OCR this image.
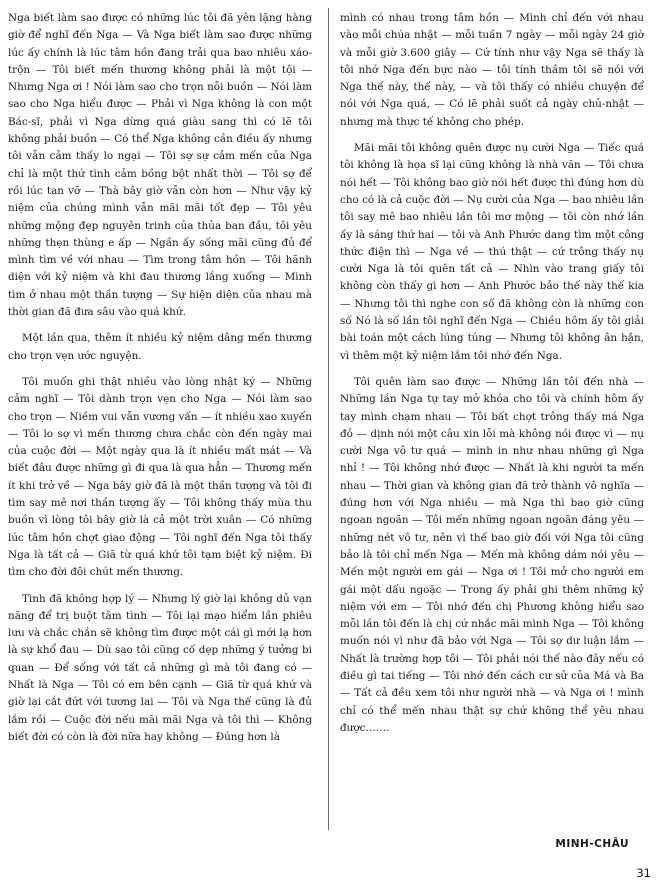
Nga biết làm sao được có những lúc tôi đã yên lặng hàng giờ để nghĩ đến Nga — Và Nga biết làm sao được những lúc ấy chính là lúc tâm hồn đang trải qua bao nhiêu xáo-trộn — Tôi biết mến thương không phải là một tội — Nhưng Nga ơi ! Nói làm sao cho trọn nỗi buồn — Nói làm sao cho Nga hiểu được — Phải vì Nga không là con một Bác-sĩ, phải vì Nga dừng quá giàu sang thì có lẽ tôi không phải buồn — Có thể Nga không cần điều ấy nhưng tôi vẫn cảm thấy lo ngại — Tôi sợ sự cảm mến của Nga chỉ là một thứ tình cảm bồng bột nhất thời — Tôi sợ để rồi lúc tan vỡ — Thà bây giờ vẫn còn hơn — Như vậy kỷ niệm của chúng mình vẫn mãi mãi tốt đẹp — Tôi yêu những mộng đẹp nguyên trinh của thủa ban đầu, tôi yêu những thẹn thùng e ấp — Ngần ấy sống mãi cũng đủ để mình tìm về với nhau — Tìm trong tâm hồn — Tôi hãnh diện với kỷ niệm và khi đau thương lắng xuống — Mình tìm ở nhau một thần tượng — Sự hiện diện của nhau mà thời gian đã đưa sâu vào quá khứ.

Một lần qua, thêm ít nhiều kỷ niệm dâng mến thương cho trọn vẹn ước nguyện.

Tôi muốn ghi thật nhiều vào lòng nhật ký — Những cảm nghĩ — Tôi dành trọn vẹn cho Nga — Nói làm sao cho trọn — Niềm vui vẫn vương vấn — ít nhiều xao xuyến — Tôi lo sợ vì mến thương chưa chắc còn đến ngày mai của cuộc đời — Một ngày qua là ít nhiều mất mát — Và biết đâu được những gì đi qua là qua hẳn — Thương mến ít khi trở về — Nga bây giờ đã là một thần tượng và tôi đi tìm say mê nơi thần tượng ấy — Tôi không thấy mùa thu buồn vì lòng tôi bây giờ là cả một trời xuân — Có những lúc tâm hồn chợt giao động — Tôi nghĩ đến Nga tôi thấy Nga là tất cả — Giã từ quá khứ tôi tạm biệt kỷ niệm. Đi tìm cho đời đôi chút mến thương.

Tình đã không hợp lý — Nhưng lý giờ lại không dủ vạn năng để trị buột tâm tình — Tôi lại mạo hiểm lần phiêu lưu và chắc chắn sẽ không tìm được một cái gì mới lạ hơn là sự khổ đau — Dù sao tôi cũng cố dẹp những ý tưởng bi quan — Để sống với tất cả những gì mà tôi đang có — Nhất là Nga — Tôi có em bên cạnh — Giã từ quá khứ và giờ lại cắt đứt với tương lai — Tôi và Nga thế cũng là đủ lắm rồi — Cuộc đời nếu mãi mãi Nga và tôi thì — Không biết đời có còn là đời nữa hay không — Đúng hơn là

mình có nhau trong tâm hồn — Mình chỉ đến với nhau vào mỗi chúa nhật — mỗi tuần 7 ngày — mỗi ngày 24 giờ và mỗi giờ 3.600 giây — Cứ tính như vậy Nga sẽ thấy là tôi nhớ Nga đến bực nào — tôi tính thầm tôi sẽ nói với Nga thế này, thế này, — và tôi thấy có nhiều chuyện để nói với Nga quá, — Có lẽ phải suốt cả ngày chủ-nhật — nhưng mà thực tế không cho phép.

Mãi mãi tôi không quên được nụ cười Nga — Tiếc quá tôi không là họa sĩ lại cũng không là nhà văn — Tôi chưa nói hết — Tôi không bao giờ nói hết được thì đúng hơn dù cho có là cả cuộc đời — Nụ cười của Nga — bao nhiêu lần tôi say mê bao nhiêu lần tôi mơ mộng — tôi còn nhớ lần ấy là sáng thứ hai — tôi và Anh Phước dang tìm một công thức điện thì — Nga về — thú thật — cứ trông thấy nụ cười Nga là tôi quên tất cả — Nhìn vào trang giấy tôi không còn thấy gì hơn — Anh Phước bảo thế này thế kia — Nhưng tôi thì nghe con số đã không còn là những con số Nó là số lần tôi nghĩ đến Nga — Chiều hôm ấy tôi giải bài toán một cách lúng túng — Nhưng tôi không ân hận, vì thêm một kỷ niệm lắm tôi nhớ đến Nga.

Tôi quên làm sao được — Những lần tôi đến nhà — Những lần Nga tự tay mở khóa cho tôi và chính hôm ấy tay mình chạm nhau — Tôi bất chợt trông thấy má Nga đỏ — dịnh nói một câu xin lỗi mà không nói được vì — nụ cười Nga vô tư quá — mình in như nhau những gì Nga nhỉ ! — Tôi không nhớ được — Nhất là khi người ta mến nhau — Thời gian và không gian đã trở thành vô nghĩa — đúng hơn với Nga nhiều — mà Nga thì bao giờ cũng ngoan ngoãn — Tôi mến những ngoan ngoãn đáng yêu — những nét vô tư, nên vì thế bao giờ đối với Nga tôi cũng bảo là tôi chỉ mến Nga — Mến mà không dám nói yêu — Mến một người em gái — Nga ơi ! Tôi mở cho người em gái một dấu ngoặc — Trong ấy phải ghi thêm những kỷ niệm với em — Tôi nhớ đến chị Phương không hiểu sao mỗi lần tôi đến là chị cứ nhắc mãi mình Nga — Tôi không muốn nói vì như đã bảo với Nga — Tôi sợ dư luận lắm — Nhất là trường hợp tôi — Tôi phải nói thế nào đây nếu có điều gì tai tiếng — Tôi nhớ đến cách cư sử của Má và Ba — Tất cả đều xem tôi như người nhà — và Nga ơi ! mình chỉ có thể mến nhau thật sự chứ không thể yêu nhau được…….

MINH-CHÂU
31
